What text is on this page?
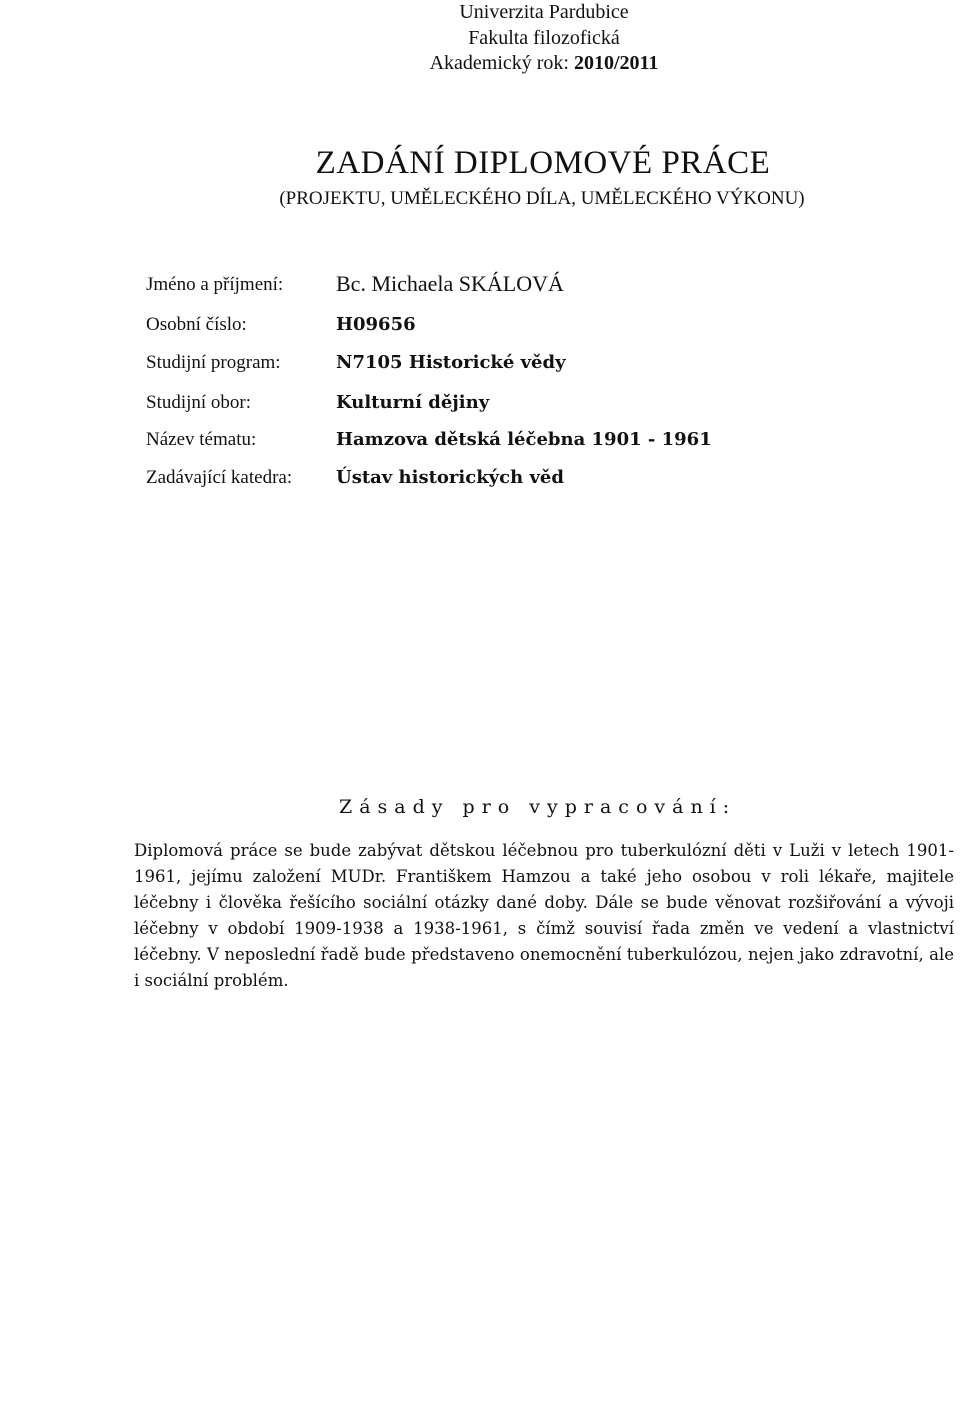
Univerzita Pardubice
Fakulta filozofická
Akademický rok: 2010/2011
ZADÁNÍ DIPLOMOVÉ PRÁCE
(PROJEKTU, UMĚLECKÉHO DÍLA, UMĚLECKÉHO VÝKONU)
Jméno a příjmení: Bc. Michaela SKÁLOVÁ
Osobní číslo:	H09656
Studijní program:	N7105 Historické vědy
Studijní obor:	Kulturní dějiny
Název tématu:	Hamzova dětská léčebna 1901 - 1961
Zadávající katedra: Ústav historických věd
Zásady pro vypracování:
Diplomová práce se bude zabývat dětskou léčebnou pro tuberkulózní děti v Luži v letech 1901-1961, jejímu založení MUDr. Františkem Hamzou a také jeho osobou v roli lékaře, majitele léčebny i člověka řešícího sociální otázky dané doby. Dále se bude věnovat rozšiřování a vývoji léčebny v období 1909-1938 a 1938-1961, s čímž souvisí řada změn ve vedení a vlastnictví léčebny. V neposlední řadě bude představeno onemocnění tuberkulózou, nejen jako zdravotní, ale i sociální problém.
